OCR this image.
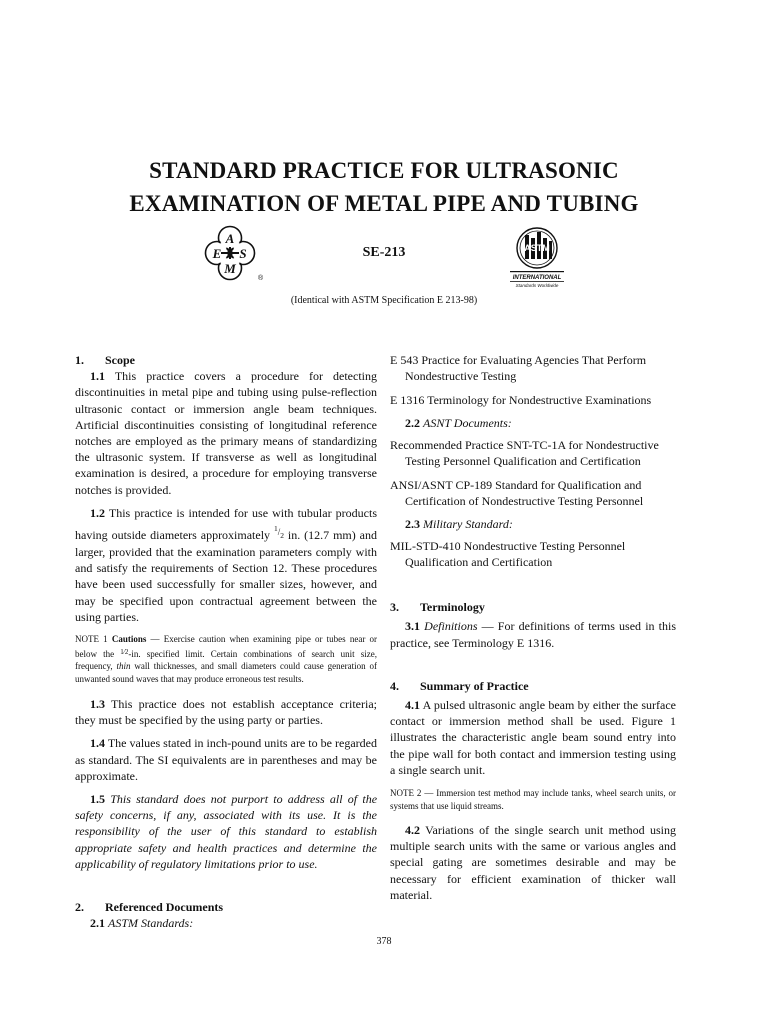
STANDARD PRACTICE FOR ULTRASONIC
EXAMINATION OF METAL PIPE AND TUBING
A
S
M
E
®
SE-213	ASTM
INTERNATIONAL
Standards Worldwide
(Identical with ASTM Specification E 213-98)

1. Scope

1.1 This practice covers a procedure for detecting discontinuities in metal pipe and tubing using pulse-reflection ultrasonic contact or immersion angle beam techniques. Artificial discontinuities consisting of longitudinal reference notches are employed as the primary means of standardizing the ultrasonic system. If transverse as well as longitudinal examination is desired, a procedure for employing transverse notches is provided.

1.2 This practice is intended for use with tubular products having outside diameters approximately $^{^1/_2}$ in. (12.7 mm) and larger, provided that the examination parameters comply with and satisfy the requirements of Section 12. These procedures have been used successfully for smaller sizes, however, and may be specified upon contractual agreement between the using parties.

NOTE 1 Cautions — Exercise caution when examining pipe or tubes near or below the $^{1⁄2}$-in. specified limit. Certain combinations of search unit size, frequency, thin wall thicknesses, and small diameters could cause generation of unwanted sound waves that may produce erroneous test results.

1.3 This practice does not establish acceptance criteria; they must be specified by the using party or parties.

1.4 The values stated in inch-pound units are to be regarded as standard. The SI equivalents are in parentheses and may be approximate.

1.5 This standard does not purport to address all of the safety concerns, if any, associated with its use. It is the responsibility of the user of this standard to establish appropriate safety and health practices and determine the applicability of regulatory limitations prior to use.

2. Referenced Documents

2.1 ASTM Standards:

E 543 Practice for Evaluating Agencies That Perform Nondestructive Testing

E 1316 Terminology for Nondestructive Examinations

2.2 ASNT Documents:

Recommended Practice SNT-TC-1A for Nondestructive Testing Personnel Qualification and Certification

ANSI/ASNT CP-189 Standard for Qualification and Certification of Nondestructive Testing Personnel

2.3 Military Standard:

MIL-STD-410 Nondestructive Testing Personnel Qualification and Certification

3. Terminology

3.1 Definitions — For definitions of terms used in this practice, see Terminology E 1316.

4. Summary of Practice

4.1 A pulsed ultrasonic angle beam by either the surface contact or immersion method shall be used. Figure 1 illustrates the characteristic angle beam sound entry into the pipe wall for both contact and immersion testing using a single search unit.

NOTE 2 — Immersion test method may include tanks, wheel search units, or systems that use liquid streams.

4.2 Variations of the single search unit method using multiple search units with the same or various angles and special gating are sometimes desirable and may be necessary for efficient examination of thicker wall material.

378
